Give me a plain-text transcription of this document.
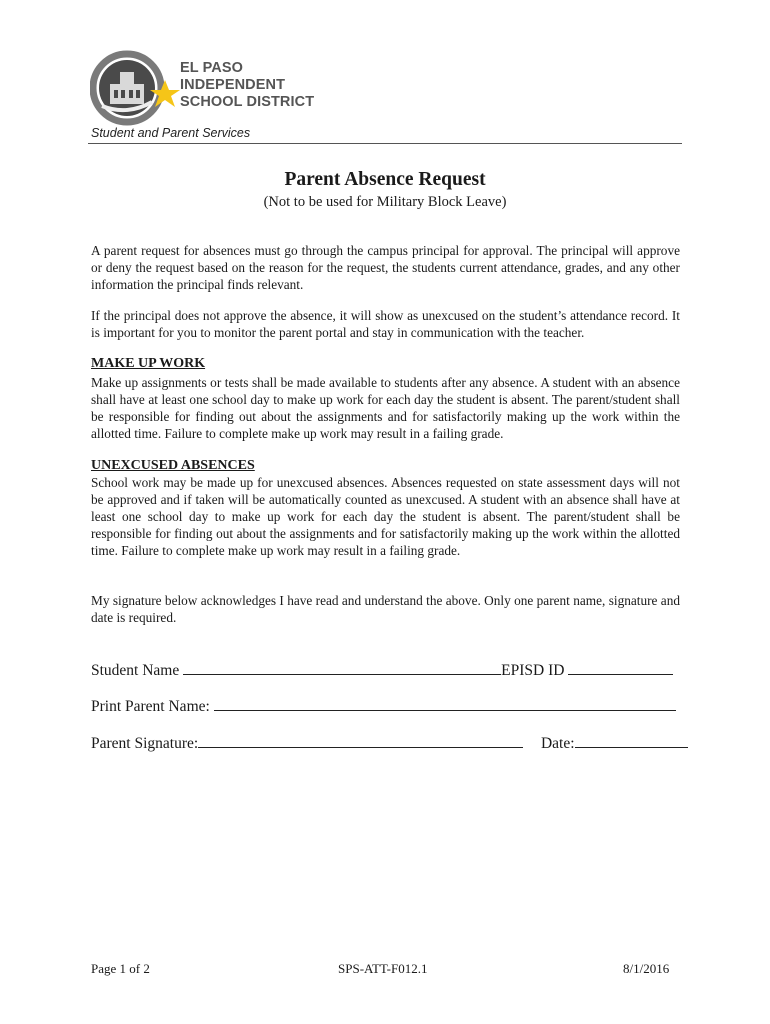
EL PASO
INDEPENDENT
SCHOOL DISTRICT
Student and Parent Services
Parent Absence Request
(Not to be used for Military Block Leave)
A parent request for absences must go through the campus principal for approval. The principal will approve or deny the request based on the reason for the request, the students current attendance, grades, and any other information the principal finds relevant.
If the principal does not approve the absence, it will show as unexcused on the student’s attendance record. It is important for you to monitor the parent portal and stay in communication with the teacher.
MAKE UP WORK
Make up assignments or tests shall be made available to students after any absence. A student with an absence shall have at least one school day to make up work for each day the student is absent. The parent/student shall be responsible for finding out about the assignments and for satisfactorily making up the work within the allotted time. Failure to complete make up work may result in a failing grade.
UNEXCUSED ABSENCES
School work may be made up for unexcused absences. Absences requested on state assessment days will not be approved and if taken will be automatically counted as unexcused. A student with an absence shall have at least one school day to make up work for each day the student is absent. The parent/student shall be responsible for finding out about the assignments and for satisfactorily making up the work within the allotted time. Failure to complete make up work may result in a failing grade.
My signature below acknowledges I have read and understand the above. Only one parent name, signature and date is required.
Student Name	EPISD ID
Print Parent Name:
Parent Signature:	Date:
Page 1 of 2	SPS-ATT-F012.1	8/1/2016
